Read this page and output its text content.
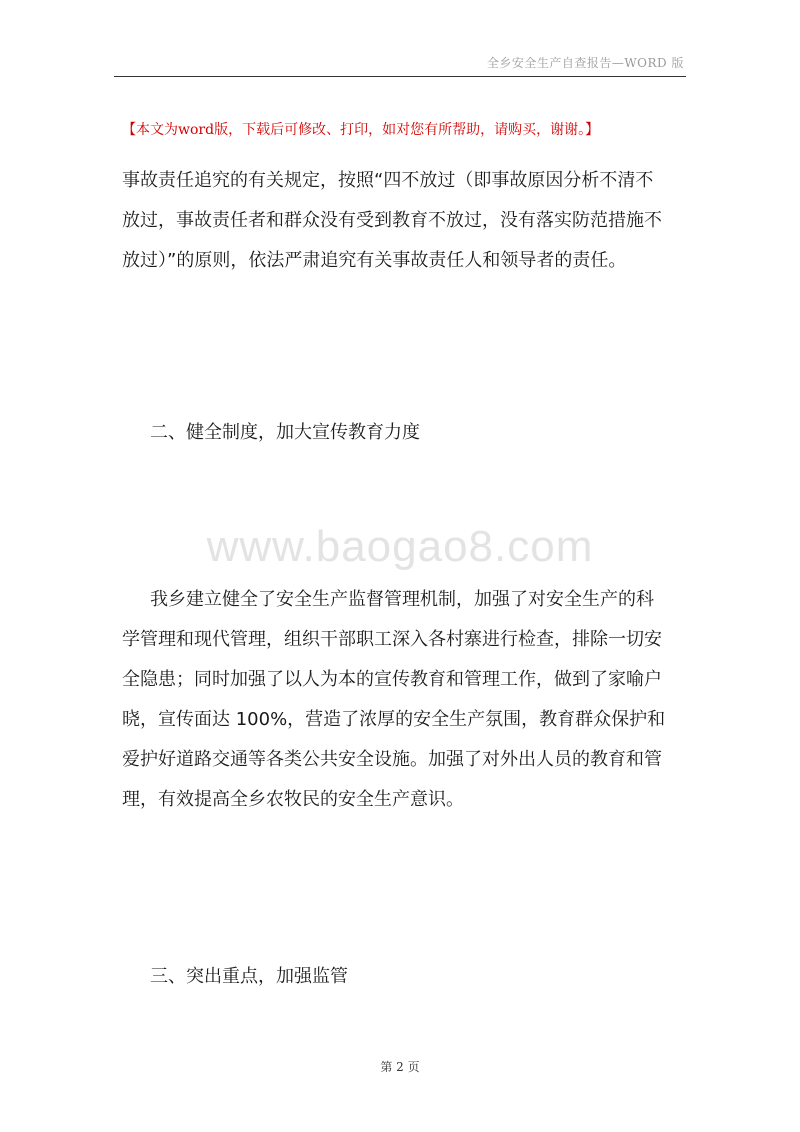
全乡安全生产自查报告—WORD 版
【本文为word版，下载后可修改、打印，如对您有所帮助，请购买，谢谢。】
事故责任追究的有关规定，按照“四不放过（即事故原因分析不清不
放过，事故责任者和群众没有受到教育不放过，没有落实防范措施不
放过）”的原则，依法严肃追究有关事故责任人和领导者的责任。
二、健全制度，加大宣传教育力度
www.baogao8.com
我乡建立健全了安全生产监督管理机制，加强了对安全生产的科
学管理和现代管理，组织干部职工深入各村寨进行检查，排除一切安
全隐患；同时加强了以人为本的宣传教育和管理工作，做到了家喻户
晓，宣传面达 100%，营造了浓厚的安全生产氛围，教育群众保护和
爱护好道路交通等各类公共安全设施。加强了对外出人员的教育和管
理，有效提高全乡农牧民的安全生产意识。
三、突出重点，加强监管
第 2 页
